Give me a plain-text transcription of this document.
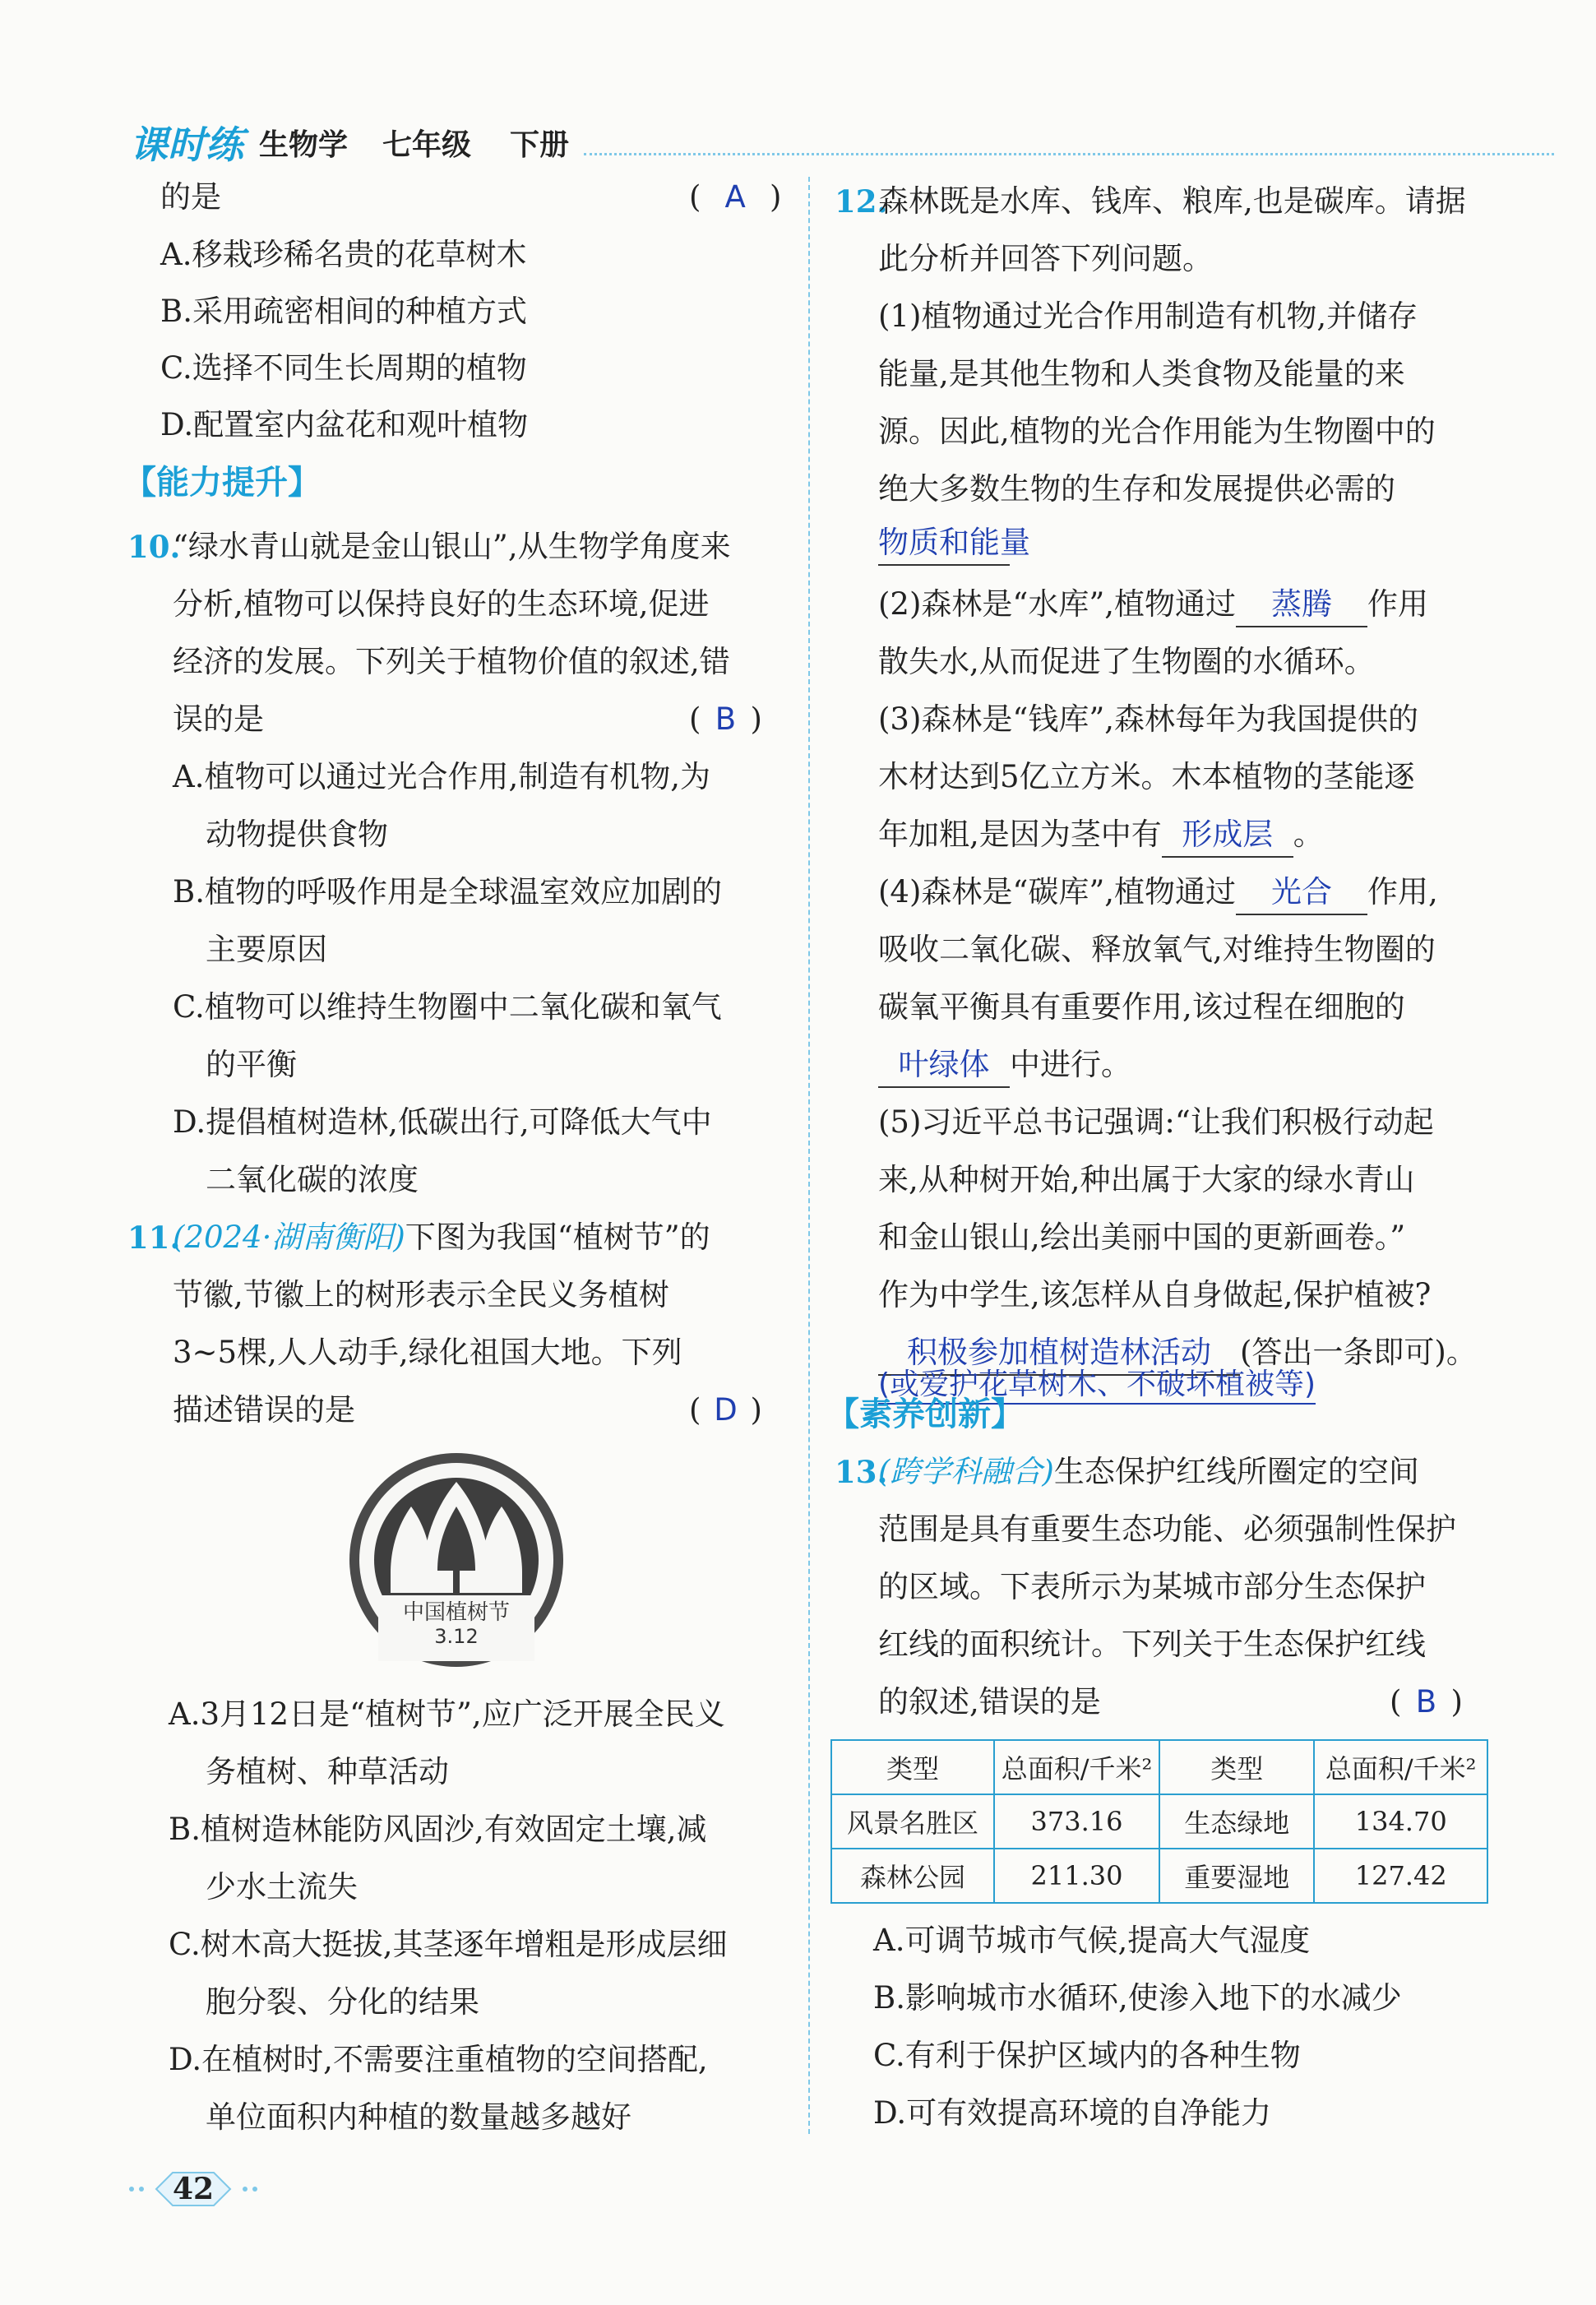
课时练 生物学 七年级 下册
的是	( A )
A.移栽珍稀名贵的花草树木
B.采用疏密相间的种植方式
C.选择不同生长周期的植物
D.配置室内盆花和观叶植物
【能力提升】
10.
“绿水青山就是金山银山”,从生物学角度来
分析,植物可以保持良好的生态环境,促进
经济的发展。下列关于植物价值的叙述,错
误的是	( B )
A.植物可以通过光合作用,制造有机物,为
动物提供食物
B.植物的呼吸作用是全球温室效应加剧的
主要原因
C.植物可以维持生物圈中二氧化碳和氧气
的平衡
D.提倡植树造林,低碳出行,可降低大气中
二氧化碳的浓度
11.
(2024·湖南衡阳)下图为我国“植树节”的
节徽,节徽上的树形表示全民义务植树
3~5棵,人人动手,绿化祖国大地。下列
描述错误的是	( D )
中国植树节
3.12
A.3月12日是“植树节”,应广泛开展全民义
务植树、种草活动
B.植树造林能防风固沙,有效固定土壤,减
少水土流失
C.树木高大挺拔,其茎逐年增粗是形成层细
胞分裂、分化的结果
D.在植树时,不需要注重植物的空间搭配,
单位面积内种植的数量越多越好
12.
森林既是水库、钱库、粮库,也是碳库。请据
此分析并回答下列问题。
(1)植物通过光合作用制造有机物,并储存
能量,是其他生物和人类食物及能量的来
源。因此,植物的光合作用能为生物圈中的
绝大多数生物的生存和发展提供必需的
物质和能量
(2)森林是“水库”,植物通过 蒸腾 作用
散失水,从而促进了生物圈的水循环。
(3)森林是“钱库”,森林每年为我国提供的
木材达到5亿立方米。木本植物的茎能逐
年加粗,是因为茎中有 形成层 。
(4)森林是“碳库”,植物通过 光合 作用,
吸收二氧化碳、释放氧气,对维持生物圈的
碳氧平衡具有重要作用,该过程在细胞的
叶绿体 中进行。
(5)习近平总书记强调:“让我们积极行动起
来,从种树开始,种出属于大家的绿水青山
和金山银山,绘出美丽中国的更新画卷。”
作为中学生,该怎样从自身做起,保护植被?
积极参加植树造林活动 (答出一条即可)。
(或爱护花草树木、不破坏植被等)
【素养创新】
13.
(跨学科融合)生态保护红线所圈定的空间
范围是具有重要生态功能、必须强制性保护
的区域。下表所示为某城市部分生态保护
红线的面积统计。下列关于生态保护红线
的叙述,错误的是	( B )
类型	总面积/千米²	类型	总面积/千米²
风景名胜区	373.16	生态绿地	134.70
森林公园	211.30	重要湿地	127.42
A.可调节城市气候,提高大气湿度
B.影响城市水循环,使渗入地下的水减少
C.有利于保护区域内的各种生物
D.可有效提高环境的自净能力
42
